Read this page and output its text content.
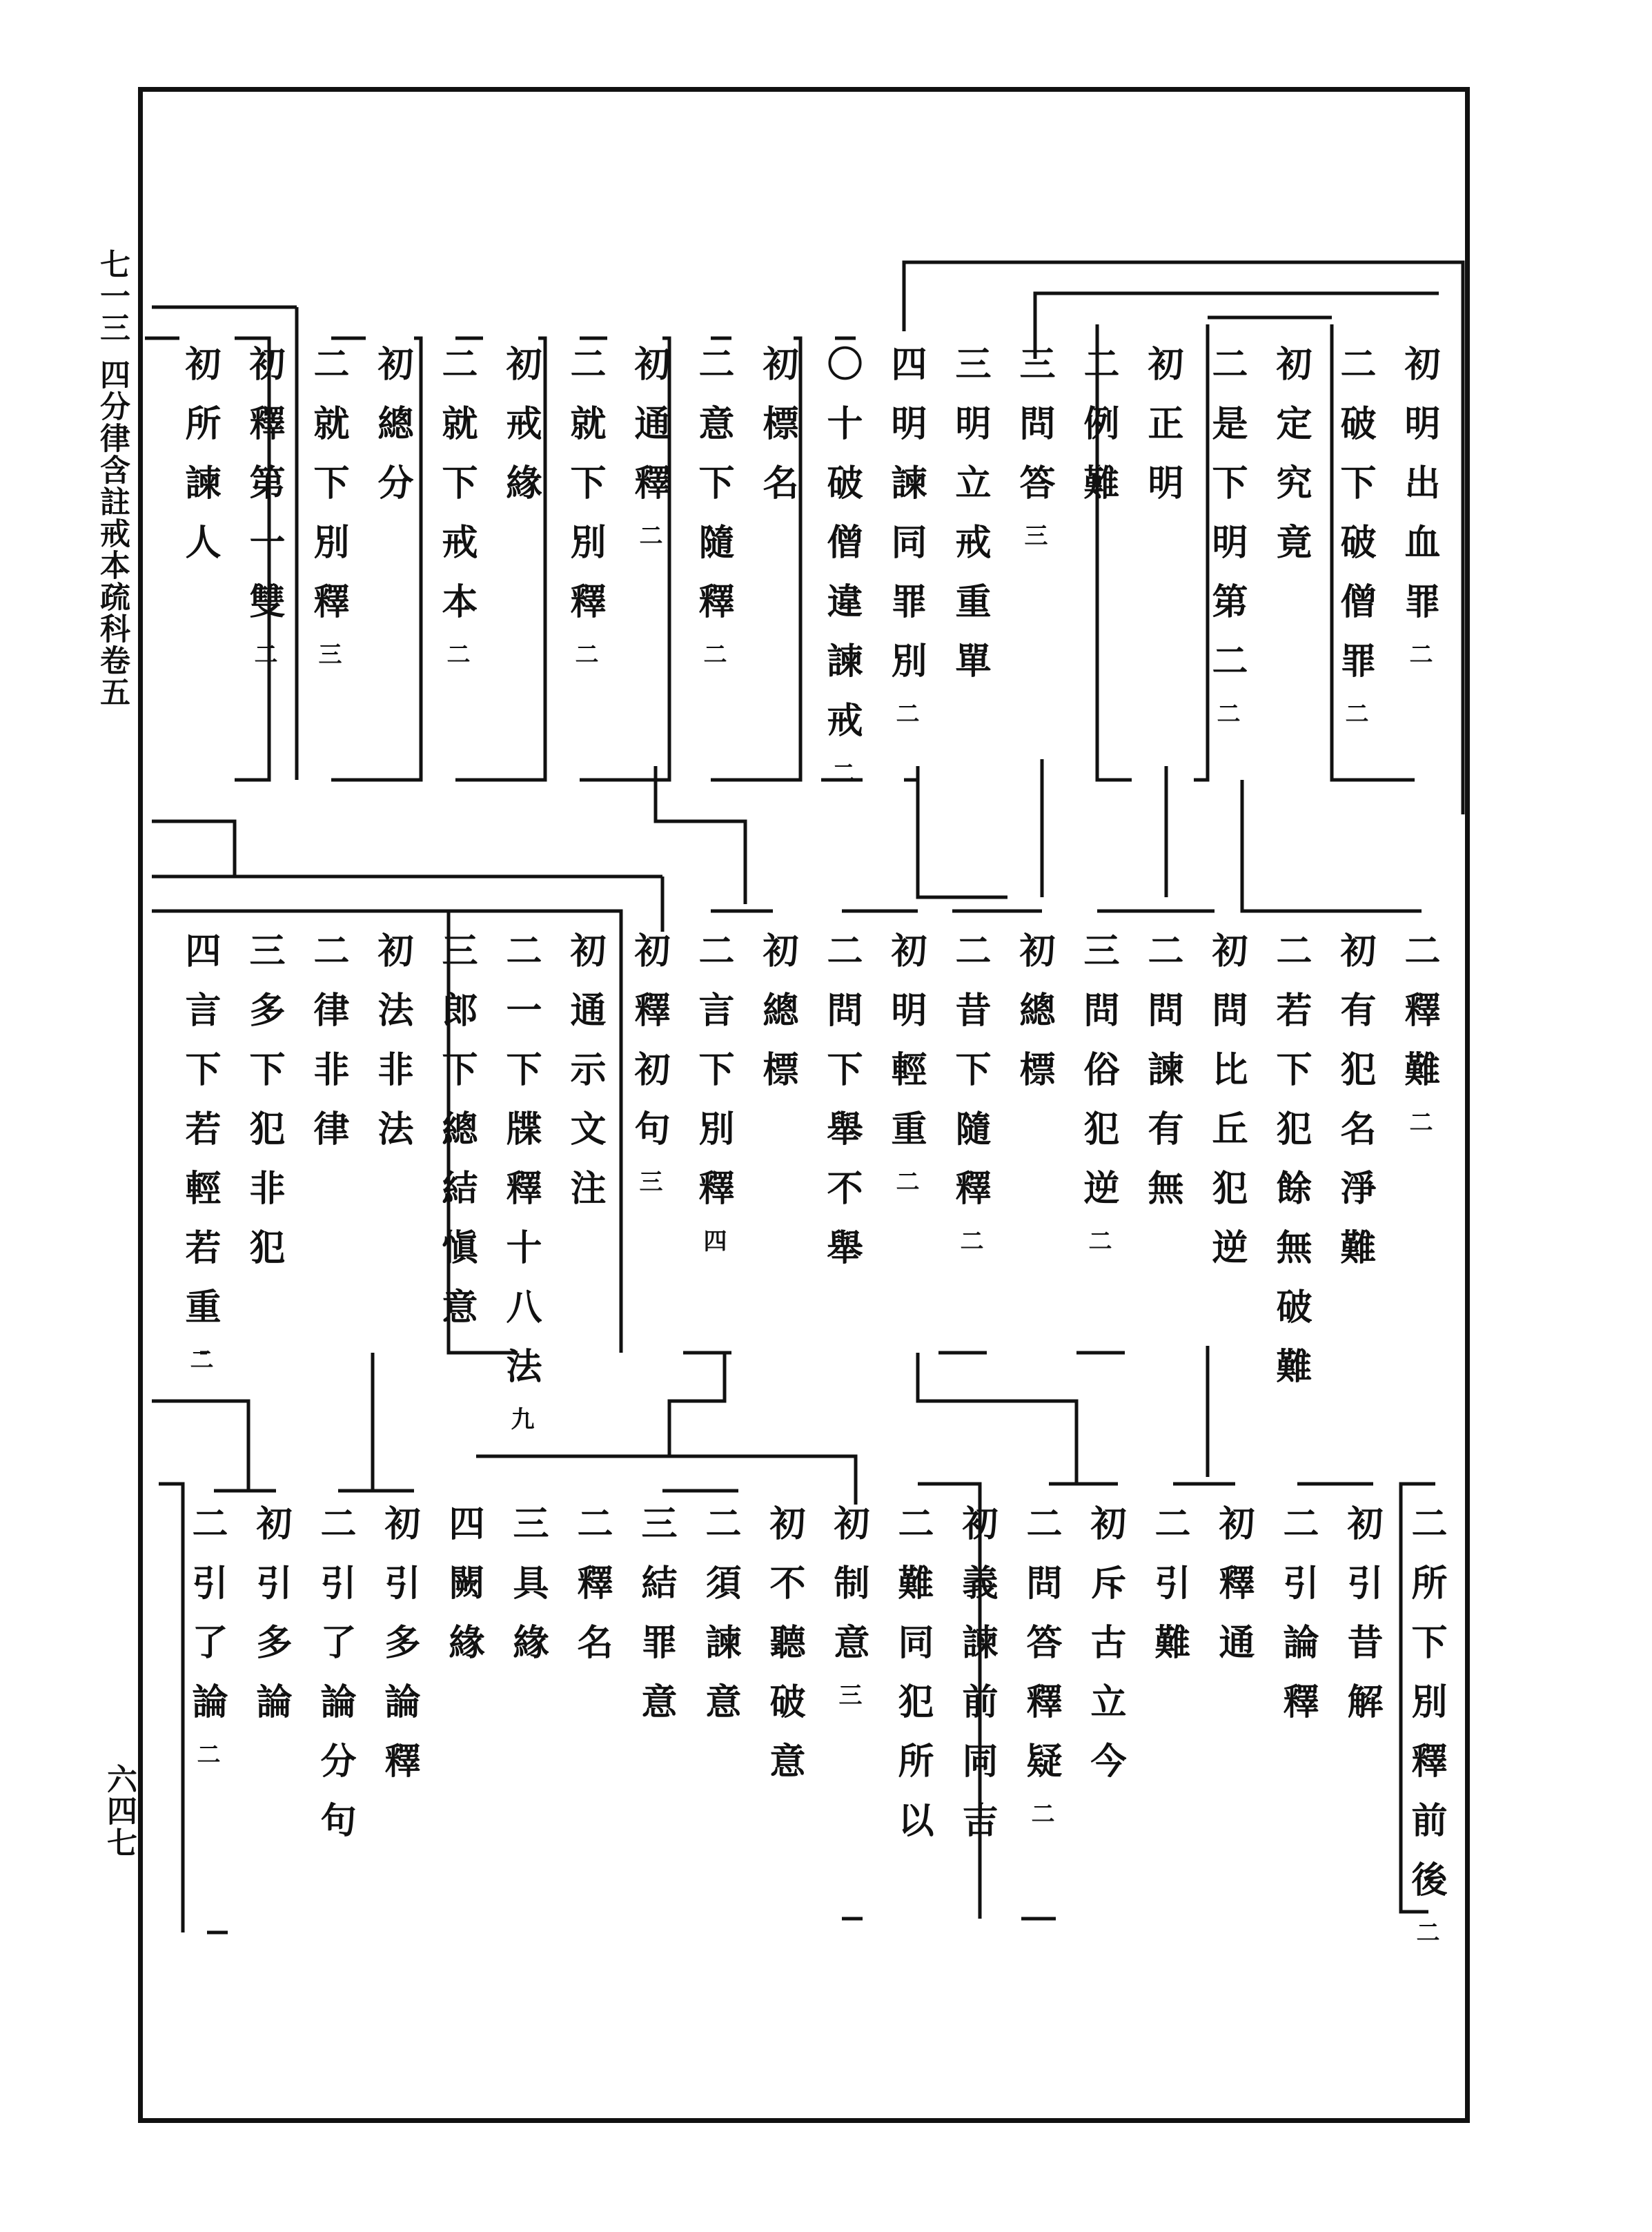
七一三
四分律含註戒本疏科卷五
六四七
初明出血罪二
二破下破僧罪二
初定究竟
二是下明第二二
初正明
二例難
三問答三
三明立戒重單
四明諫同罪別二
〇十破僧違諫戒二
初標名
二意下隨釋二
初通釋二
二就下別釋二
初戒緣
二就下戒本二
初總分
二就下別釋三
初釋第一雙二
初所諫人
二釋難二
初有犯名淨難
二若下犯餘無破難
初問比丘犯逆
二問諫有無
三問俗犯逆二
初總標
二昔下隨釋二
初明輕重二
二問下舉不舉
初總標
二言下別釋四
初釋初句三
初通示文注
二一下牒釋十八法九
三郎下總結愼意
初法非法
二律非律
三多下犯非犯
四言下若輕若重二
二所下別釋前後二
初引昔解
二引論釋
初釋通
二引難
初斥古立今
二問答釋疑二
初義諫前同吉
二難同犯所以
初制意三
初不聽破意
二須諫意
三結罪意
二釋名
三具緣
四闕緣
初引多論釋
二引了論分句
初引多論
二引了論二
